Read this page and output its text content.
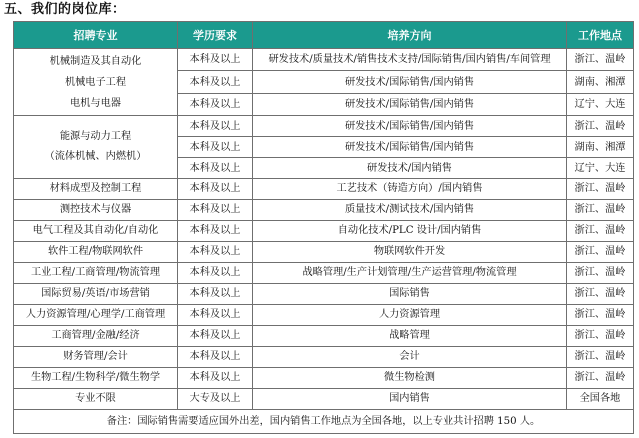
五、我们的岗位库：
招聘专业	学历要求	培养方向	工作地点

机械制造及其自动化
机械电子工程
电机与电器	本科及以上	研发技术/质量技术/销售技术支持/国际销售/国内销售/车间管理	浙江、温岭
	本科及以上	研发技术/国际销售/国内销售	湖南、湘潭
	本科及以上	研发技术/国际销售/国内销售	辽宁、大连

能源与动力工程
（流体机械、内燃机）	本科及以上	研发技术/国际销售/国内销售	浙江、温岭
	本科及以上	研发技术/国际销售/国内销售	湖南、湘潭
	本科及以上	研发技术/国内销售	辽宁、大连
材料成型及控制工程	本科及以上	工艺技术（铸造方向）/国内销售	浙江、温岭
测控技术与仪器	本科及以上	质量技术/测试技术/国内销售	浙江、温岭
电气工程及其自动化/自动化	本科及以上	自动化技术/PLC 设计/国内销售	浙江、温岭
软件工程/物联网软件	本科及以上	物联网软件开发	浙江、温岭
工业工程/工商管理/物流管理	本科及以上	战略管理/生产计划管理/生产运营管理/物流管理	浙江、温岭
国际贸易/英语/市场营销	本科及以上	国际销售	浙江、温岭
人力资源管理/心理学/工商管理	本科及以上	人力资源管理	浙江、温岭
工商管理/金融/经济	本科及以上	战略管理	浙江、温岭
财务管理/会计	本科及以上	会计	浙江、温岭
生物工程/生物科学/微生物学	本科及以上	微生物检测	浙江、温岭
专业不限	大专及以上	国内销售	全国各地
备注：国际销售需要适应国外出差，国内销售工作地点为全国各地，以上专业共计招聘 150 人。			
